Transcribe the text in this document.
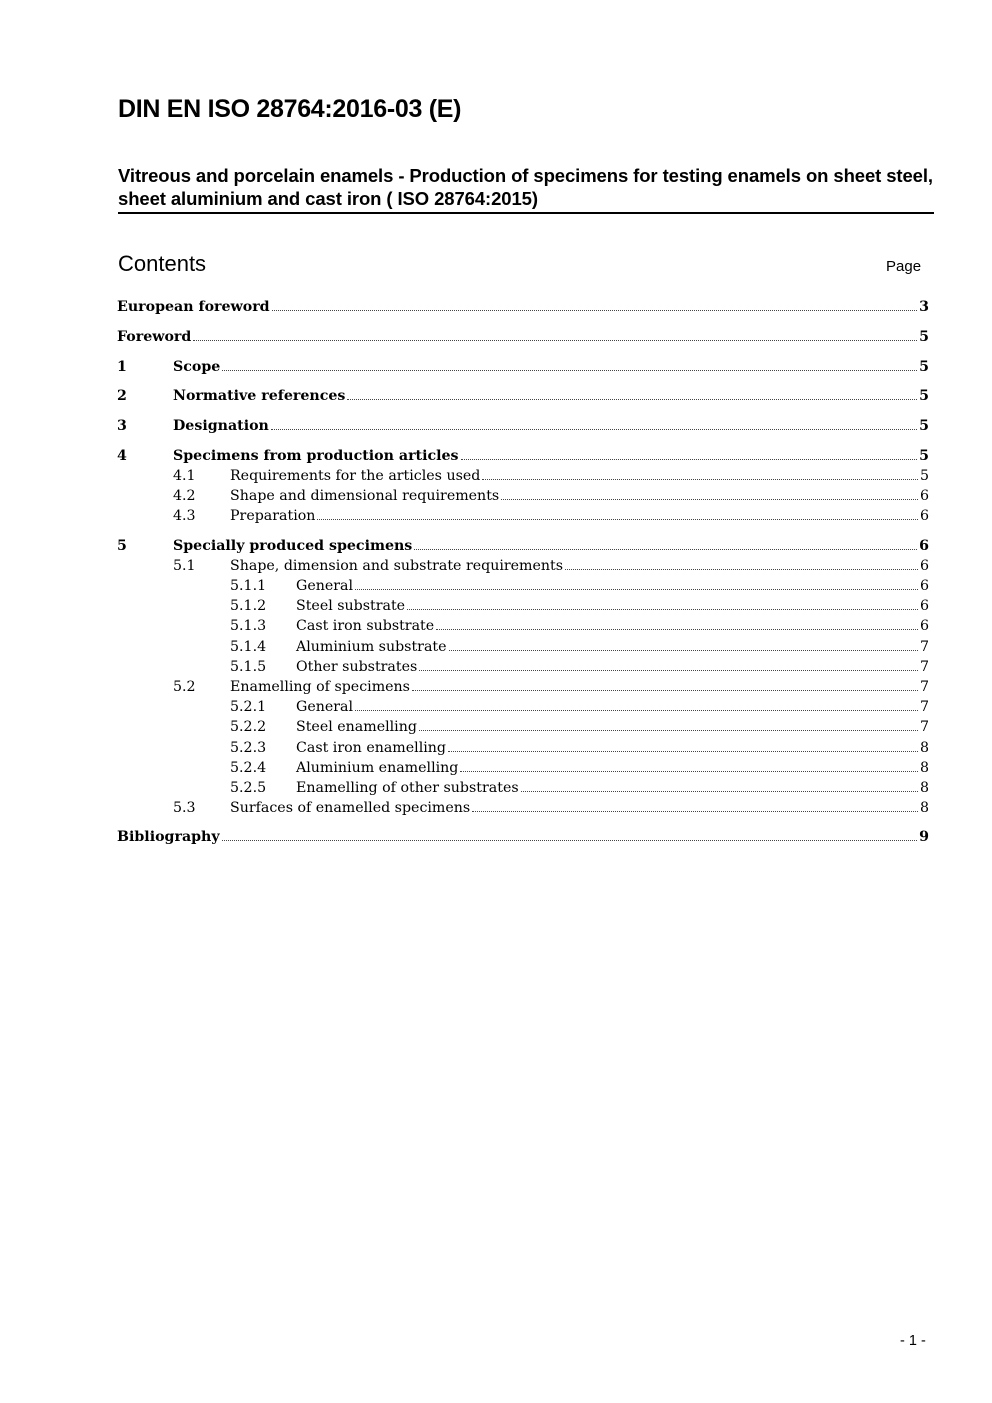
DIN EN ISO 28764:2016-03 (E)
Vitreous and porcelain enamels - Production of specimens for testing enamels on sheet steel, sheet aluminium and cast iron ( ISO 28764:2015)
Contents	Page
European foreword	3
Foreword	5
1	Scope	5
2	Normative references	5
3	Designation	5
4	Specimens from production articles	5
4.1 Requirements for the articles used	5
4.2 Shape and dimensional requirements	6
4.3 Preparation	6
5	Specially produced specimens	6
5.1 Shape, dimension and substrate requirements	6
5.1.1 General	6
5.1.2 Steel substrate	6
5.1.3 Cast iron substrate	6
5.1.4 Aluminium substrate	7
5.1.5 Other substrates	7
5.2 Enamelling of specimens	7
5.2.1 General	7
5.2.2 Steel enamelling	7
5.2.3 Cast iron enamelling	8
5.2.4 Aluminium enamelling	8
5.2.5 Enamelling of other substrates	8
5.3 Surfaces of enamelled specimens	8
Bibliography	9
- 1 -
